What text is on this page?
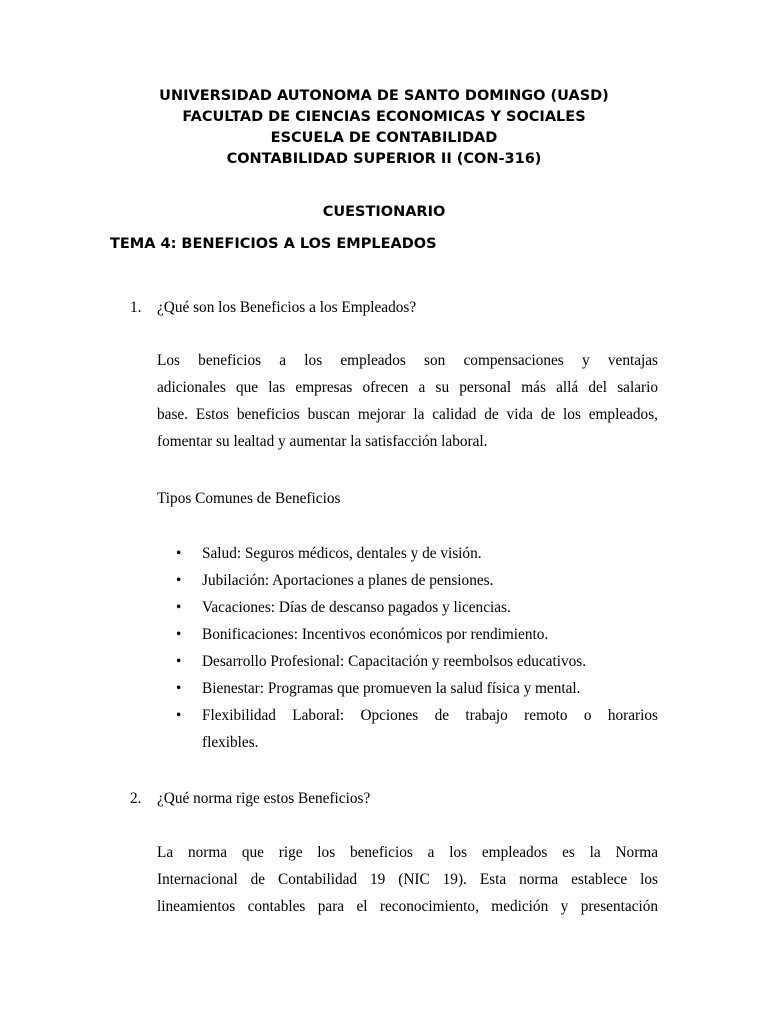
UNIVERSIDAD AUTONOMA DE SANTO DOMINGO (UASD)
FACULTAD DE CIENCIAS ECONOMICAS Y SOCIALES
ESCUELA DE CONTABILIDAD
CONTABILIDAD SUPERIOR II (CON-316)
CUESTIONARIO
TEMA 4: BENEFICIOS A LOS EMPLEADOS
1. ¿Qué son los Beneficios a los Empleados?
Los beneficios a los empleados son compensaciones y ventajas
adicionales que las empresas ofrecen a su personal más allá del salario
base. Estos beneficios buscan mejorar la calidad de vida de los empleados,
fomentar su lealtad y aumentar la satisfacción laboral.
Tipos Comunes de Beneficios
• Salud: Seguros médicos, dentales y de visión.
• Jubilación: Aportaciones a planes de pensiones.
• Vacaciones: Días de descanso pagados y licencias.
• Bonificaciones: Incentivos económicos por rendimiento.
• Desarrollo Profesional: Capacitación y reembolsos educativos.
• Bienestar: Programas que promueven la salud física y mental.
• Flexibilidad Laboral: Opciones de trabajo remoto o horarios
flexibles.
2. ¿Qué norma rige estos Beneficios?
La norma que rige los beneficios a los empleados es la Norma
Internacional de Contabilidad 19 (NIC 19). Esta norma establece los
lineamientos contables para el reconocimiento, medición y presentación
